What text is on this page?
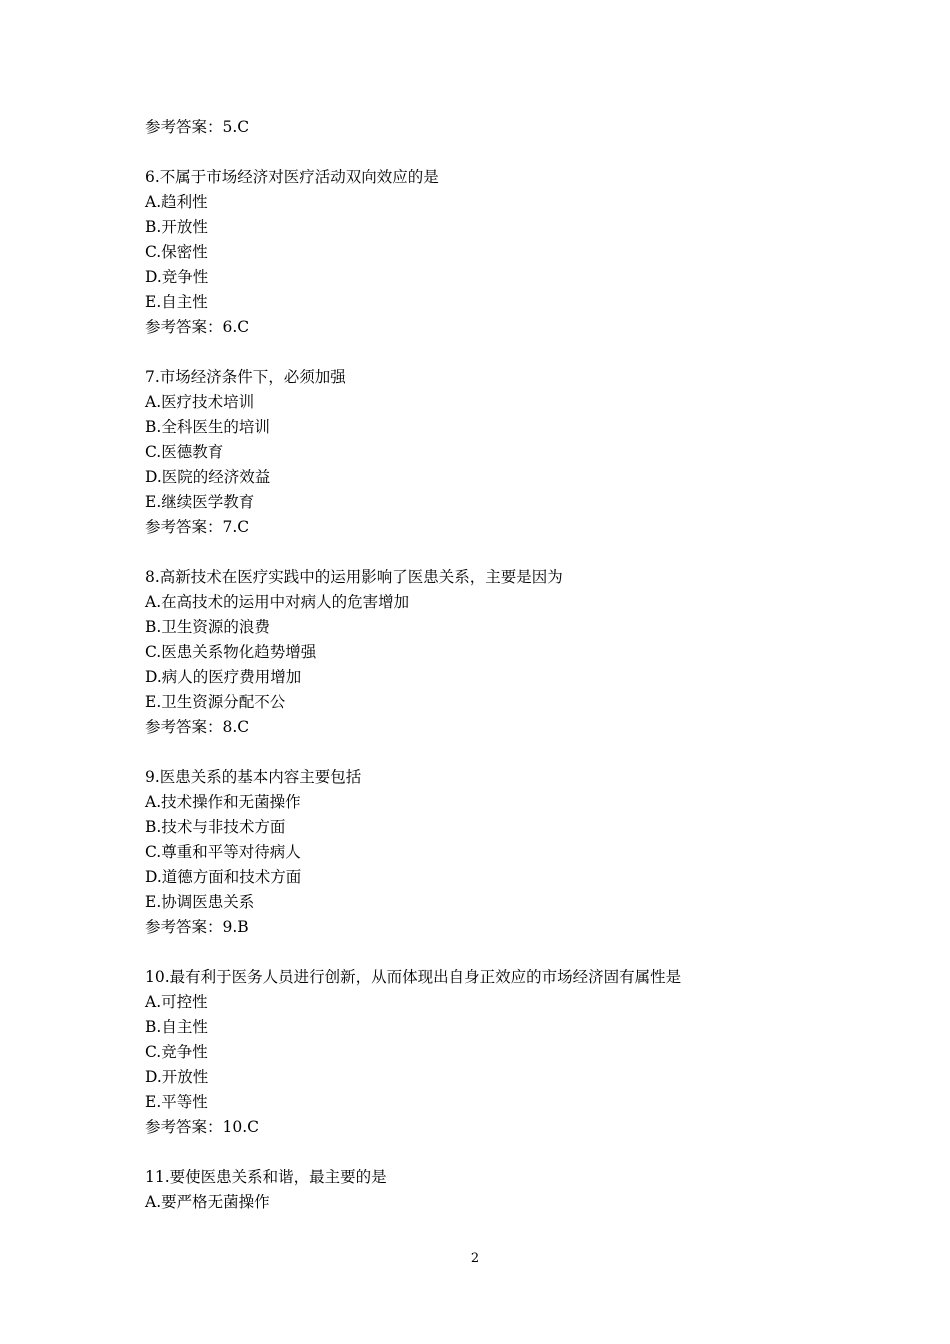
参考答案：5.C
6.不属于市场经济对医疗活动双向效应的是
A.趋利性
B.开放性
C.保密性
D.竞争性
E.自主性
参考答案：6.C
7.市场经济条件下，必须加强
A.医疗技术培训
B.全科医生的培训
C.医德教育
D.医院的经济效益
E.继续医学教育
参考答案：7.C
8.高新技术在医疗实践中的运用影响了医患关系，主要是因为
A.在高技术的运用中对病人的危害增加
B.卫生资源的浪费
C.医患关系物化趋势增强
D.病人的医疗费用增加
E.卫生资源分配不公
参考答案：8.C
9.医患关系的基本内容主要包括
A.技术操作和无菌操作
B.技术与非技术方面
C.尊重和平等对待病人
D.道德方面和技术方面
E.协调医患关系
参考答案：9.B
10.最有利于医务人员进行创新，从而体现出自身正效应的市场经济固有属性是
A.可控性
B.自主性
C.竞争性
D.开放性
E.平等性
参考答案：10.C
11.要使医患关系和谐，最主要的是
A.要严格无菌操作
2
